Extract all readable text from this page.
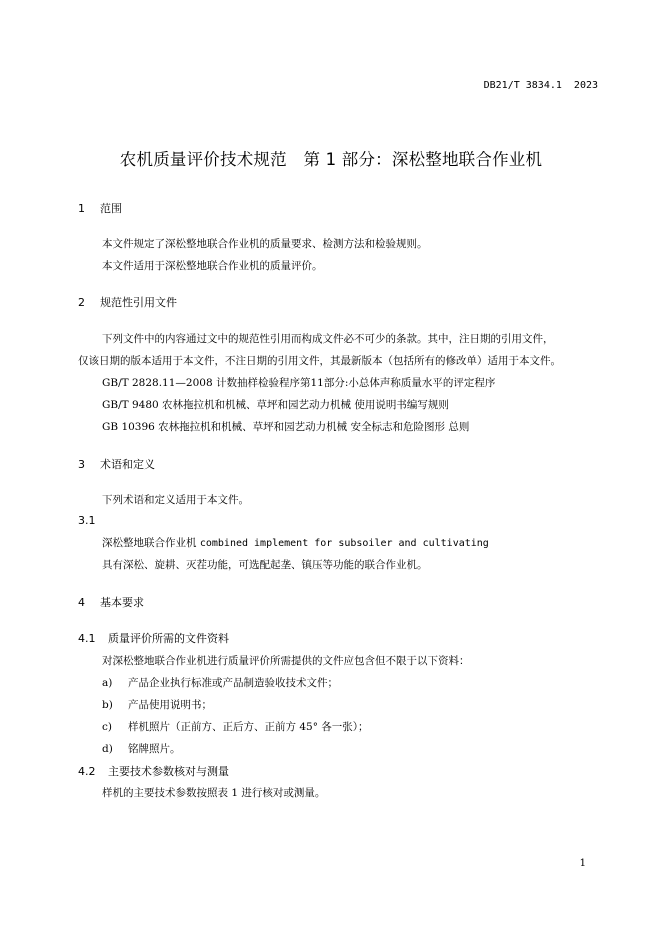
DB21/T 3834.1  2023
农机质量评价技术规范　第 1 部分：深松整地联合作业机
1 范围
本文件规定了深松整地联合作业机的质量要求、检测方法和检验规则。
本文件适用于深松整地联合作业机的质量评价。
2 规范性引用文件
下列文件中的内容通过文中的规范性引用而构成文件必不可少的条款。其中，注日期的引用文件，
仅该日期的版本适用于本文件，不注日期的引用文件，其最新版本（包括所有的修改单）适用于本文件。
GB/T 2828.11—2008 计数抽样检验程序第11部分:小总体声称质量水平的评定程序
GB/T 9480 农林拖拉机和机械、草坪和园艺动力机械 使用说明书编写规则
GB 10396 农林拖拉机和机械、草坪和园艺动力机械 安全标志和危险图形 总则
3 术语和定义
下列术语和定义适用于本文件。
3.1
深松整地联合作业机 combined implement for subsoiler and cultivating
具有深松、旋耕、灭茬功能，可选配起垄、镇压等功能的联合作业机。
4 基本要求
4.1 质量评价所需的文件资料
对深松整地联合作业机进行质量评价所需提供的文件应包含但不限于以下资料：
a) 产品企业执行标准或产品制造验收技术文件；
b) 产品使用说明书；
c) 样机照片（正前方、正后方、正前方 45° 各一张）；
d) 铭牌照片。
4.2 主要技术参数核对与测量
样机的主要技术参数按照表 1 进行核对或测量。
1
